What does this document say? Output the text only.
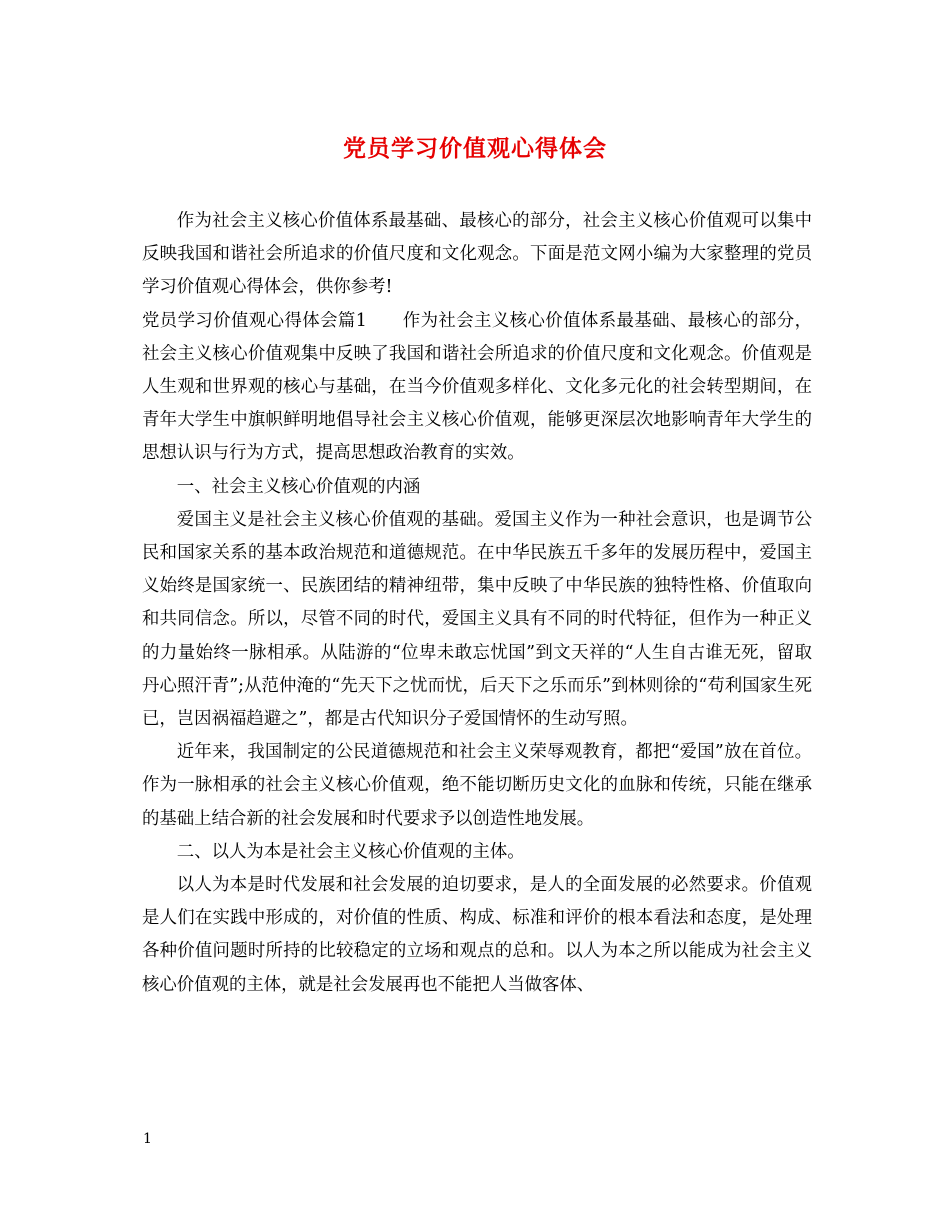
党员学习价值观心得体会

作为社会主义核心价值体系最基础、最核心的部分，社会主义核心价值观可以集中反映我国和谐社会所追求的价值尺度和文化观念。下面是范文网小编为大家整理的党员学习价值观心得体会，供你参考!

党员学习价值观心得体会篇1　　作为社会主义核心价值体系最基础、最核心的部分，社会主义核心价值观集中反映了我国和谐社会所追求的价值尺度和文化观念。价值观是人生观和世界观的核心与基础，在当今价值观多样化、文化多元化的社会转型期间，在青年大学生中旗帜鲜明地倡导社会主义核心价值观，能够更深层次地影响青年大学生的思想认识与行为方式，提高思想政治教育的实效。

一、社会主义核心价值观的内涵

爱国主义是社会主义核心价值观的基础。爱国主义作为一种社会意识，也是调节公民和国家关系的基本政治规范和道德规范。在中华民族五千多年的发展历程中，爱国主义始终是国家统一、民族团结的精神纽带，集中反映了中华民族的独特性格、价值取向和共同信念。所以，尽管不同的时代，爱国主义具有不同的时代特征，但作为一种正义的力量始终一脉相承。从陆游的“位卑未敢忘忧国”到文天祥的“人生自古谁无死，留取丹心照汗青”;从范仲淹的“先天下之忧而忧，后天下之乐而乐”到林则徐的“苟利国家生死已，岂因祸福趋避之”，都是古代知识分子爱国情怀的生动写照。

近年来，我国制定的公民道德规范和社会主义荣辱观教育，都把“爱国”放在首位。作为一脉相承的社会主义核心价值观，绝不能切断历史文化的血脉和传统，只能在继承的基础上结合新的社会发展和时代要求予以创造性地发展。

二、以人为本是社会主义核心价值观的主体。

以人为本是时代发展和社会发展的迫切要求，是人的全面发展的必然要求。价值观是人们在实践中形成的，对价值的性质、构成、标准和评价的根本看法和态度，是处理各种价值问题时所持的比较稳定的立场和观点的总和。以人为本之所以能成为社会主义核心价值观的主体，就是社会发展再也不能把人当做客体、

1
